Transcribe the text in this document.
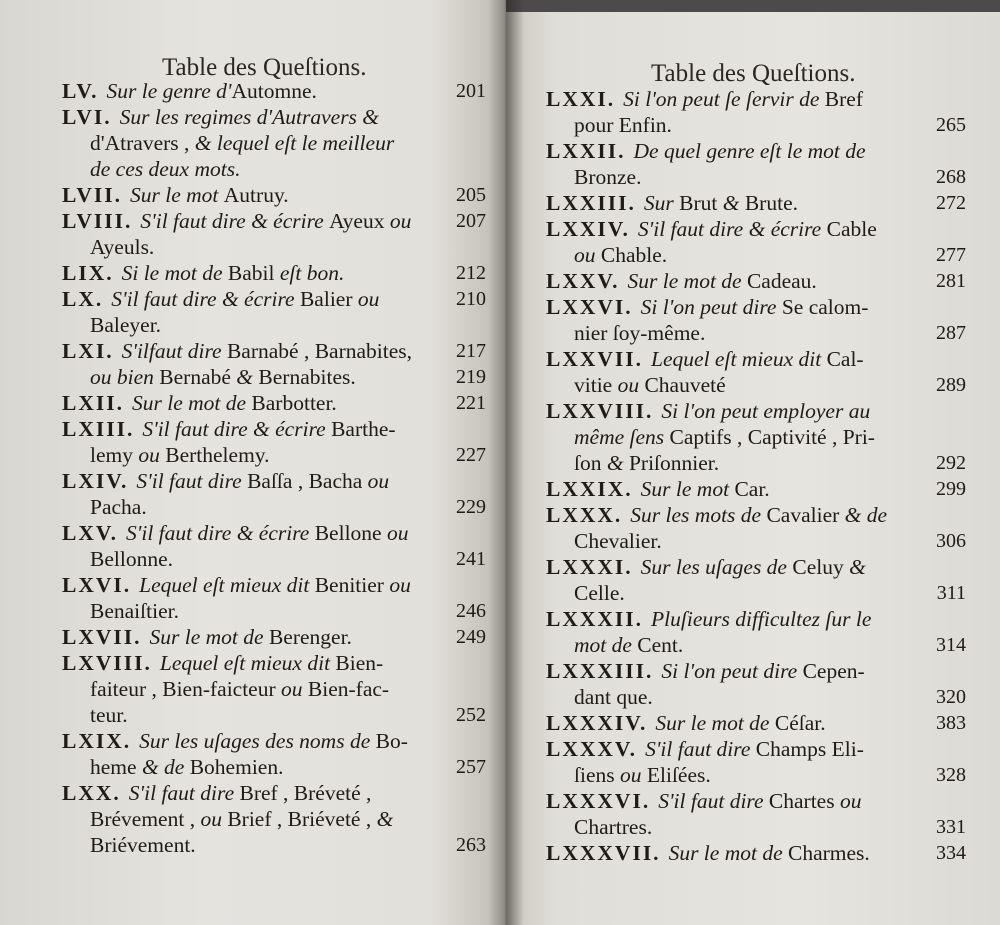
Table des Queſtions.
LV. Sur le genre d'Automne.	201
LVI. Sur les regimes d'Autravers &
d'Atravers , & lequel eſt le meilleur
de ces deux mots.
LVII. Sur le mot Autruy.	205
LVIII. S'il faut dire & écrire Ayeux ou 207
Ayeuls.
LIX. Si le mot de Babil eſt bon.	212
LX. S'il faut dire & écrire Balier ou	210
Baleyer.
LXI. S'ilfaut dire Barnabé , Barnabites, 217
ou bien Bernabé & Bernabites.	219
LXII. Sur le mot de Barbotter.	221
LXIII. S'il faut dire & écrire Barthe-
lemy ou Berthelemy.	227
LXIV. S'il faut dire Baſſa , Bacha ou
Pacha.	229
LXV. S'il faut dire & écrire Bellone ou
Bellonne.	241
LXVI. Lequel eſt mieux dit Benitier ou
Benaiſtier.	246
LXVII. Sur le mot de Berenger.	249
LXVIII. Lequel eſt mieux dit Bien-
faiteur , Bien-faicteur ou Bien-fac-
teur.	252
LXIX. Sur les uſages des noms de Bo-
heme & de Bohemien.	257
LXX. S'il faut dire Bref , Bréveté ,
Brévement , ou Brief , Briéveté , &
Briévement.	263
Table des Queſtions.
LXXI. Si l'on peut ſe ſervir de Bref
pour Enfin.	265
LXXII. De quel genre eſt le mot de
Bronze.	268
LXXIII. Sur Brut & Brute.	272
LXXIV. S'il faut dire & écrire Cable
ou Chable.	277
LXXV. Sur le mot de Cadeau.	281
LXXVI. Si l'on peut dire Se calom-
nier ſoy-même.	287
LXXVII. Lequel eſt mieux dit Cal-
vitie ou Chauveté	289
LXXVIII. Si l'on peut employer au
même ſens Captifs , Captivité , Pri-
ſon & Priſonnier.	292
LXXIX. Sur le mot Car.	299
LXXX. Sur les mots de Cavalier & de
Chevalier.	306
LXXXI. Sur les uſages de Celuy &
Celle.	311
LXXXII. Pluſieurs difficultez ſur le
mot de Cent.	314
LXXXIII. Si l'on peut dire Cepen-
dant que.	320
LXXXIV. Sur le mot de Céſar.	383
LXXXV. S'il faut dire Champs Eli-
ſiens ou Eliſées.	328
LXXXVI. S'il faut dire Chartes ou
Chartres.	331
LXXXVII. Sur le mot de Charmes.	334
